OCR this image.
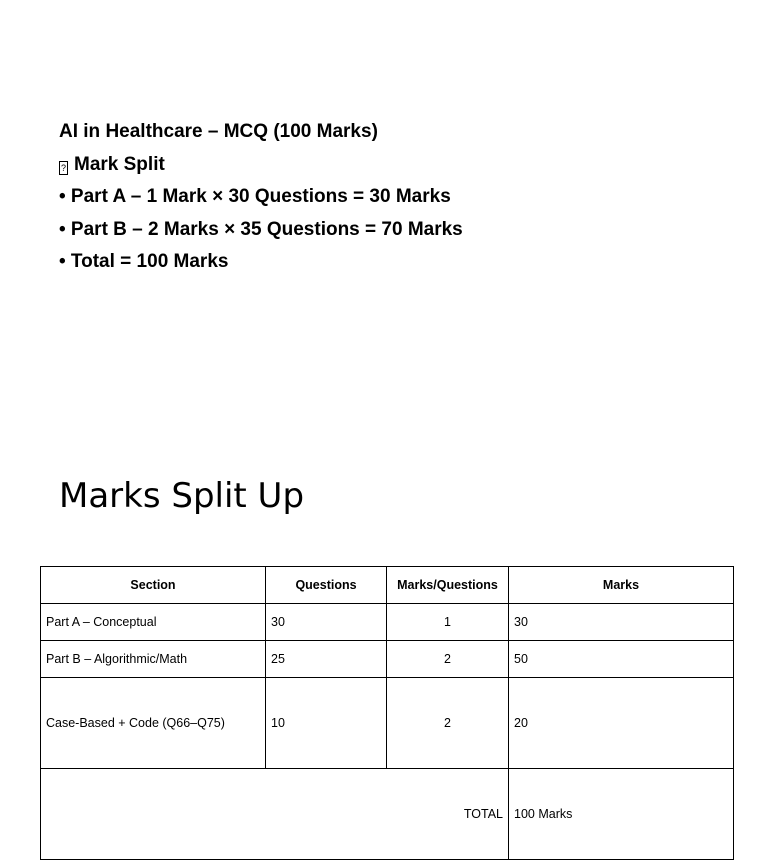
AI in Healthcare – MCQ (100 Marks)
? Mark Split
• Part A – 1 Mark × 30 Questions = 30 Marks
• Part B – 2 Marks × 35 Questions = 70 Marks
• Total = 100 Marks
Marks Split Up
Section	Questions	Marks/Questions	Marks
Part A – Conceptual	30	1	30
Part B – Algorithmic/Math	25	2	50
Case-Based + Code (Q66–Q75)	10	2	20
TOTAL			100 Marks
